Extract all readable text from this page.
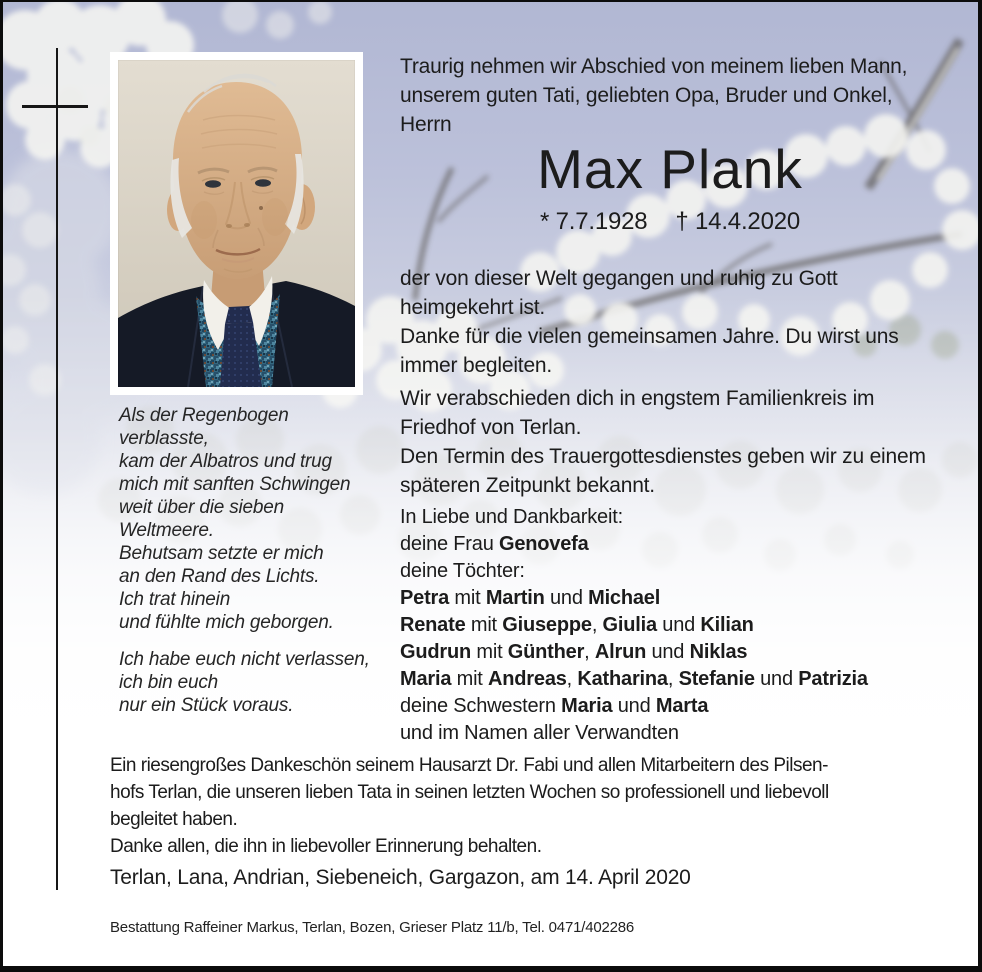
Traurig nehmen wir Abschied von meinem lieben Mann,
unserem guten Tati, geliebten Opa, Bruder und Onkel,
Herrn
Max Plank
* 7.7.1928 † 14.4.2020
der von dieser Welt gegangen und ruhig zu Gott
heimgekehrt ist.
Danke für die vielen gemeinsamen Jahre. Du wirst uns
immer begleiten.
Wir verabschieden dich in engstem Familienkreis im
Friedhof von Terlan.
Den Termin des Trauergottesdienstes geben wir zu einem
späteren Zeitpunkt bekannt.
In Liebe und Dankbarkeit:
deine Frau Genovefa
deine Töchter:
Petra mit Martin und Michael
Renate mit Giuseppe, Giulia und Kilian
Gudrun mit Günther, Alrun und Niklas
Maria mit Andreas, Katharina, Stefanie und Patrizia
deine Schwestern Maria und Marta
und im Namen aller Verwandten
Als der Regenbogen
verblasste,
kam der Albatros und trug
mich mit sanften Schwingen
weit über die sieben
Weltmeere.
Behutsam setzte er mich
an den Rand des Lichts.
Ich trat hinein
und fühlte mich geborgen.
Ich habe euch nicht verlassen,
ich bin euch
nur ein Stück voraus.
Ein riesengroßes Dankeschön seinem Hausarzt Dr. Fabi und allen Mitarbeitern des Pilsen-
hofs Terlan, die unseren lieben Tata in seinen letzten Wochen so professionell und liebevoll
begleitet haben.
Danke allen, die ihn in liebevoller Erinnerung behalten.
Terlan, Lana, Andrian, Siebeneich, Gargazon, am 14. April 2020
Bestattung Raffeiner Markus, Terlan, Bozen, Grieser Platz 11/b, Tel. 0471/402286
